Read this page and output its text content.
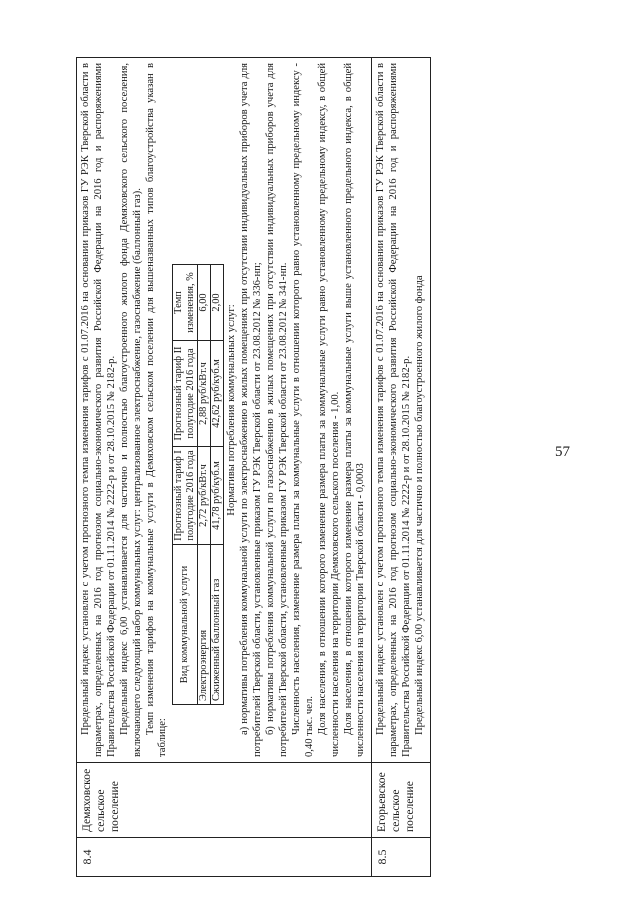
57
8.4	Демяховское сельское поселение	

Предельный индекс установлен с учетом прогнозного темпа изменения тарифов с 01.07.2016 на основании приказов ГУ РЭК Тверской области в параметрах, определенных на 2016 год прогнозом социально-экономического развития Российской Федерации на 2016 год и распоряжениями Правительства Российской Федерации от 01.11.2014 № 2222-р и от 28.10.2015 № 2182-р. Предельный индекс 6,00 устанавливается для частично и полностью благоустроенного жилого фонда Демяховского сельского поселения, включающего следующий набор коммунальных услуг: централизованное электроснабжение, газоснабжение (баллонный газ). Темп изменения тарифов на коммунальные услуги в Демяховском сельском поселении для вышеназванных типов благоустройства указан в таблице:

Вид коммунальной услуги	Прогнозный тариф I полугодие 2016 года	Прогнозный тариф II полугодие 2016 года	Темп изменения, %
Электроэнергия	2,72 руб/кВт.ч	2,88 руб/кВт.ч	6,00
Сжиженный баллонный газ	41,78 руб/куб.м	42,62 руб/куб.м	2,00

Нормативы потребления коммунальных услуг: а) нормативы потребления коммунальной услуги по электроснабжению в жилых помещениях при отсутствии индивидуальных приборов учета для потребителей Тверской области, установленные приказом ГУ РЭК Тверской области от 23.08.2012 № 336-нп; б) нормативы потребления коммунальной услуги по газоснабжению в жилых помещениях при отсутствии индивидуальных приборов учета для потребителей Тверской области, установленные приказом ГУ РЭК Тверской области от 23.08.2012 № 341-нп. Численность населения, изменение размера платы за коммунальные услуги в отношении которого равно установленному предельному индексу - 0,40 тыс. чел. Доля населения, в отношении которого изменение размера платы за коммунальные услуги равно установленному предельному индексу, в общей численности населения на территории Демяховского сельского поселения - 1,00. Доля населения, в отношении которого изменение размера платы за коммунальные услуги выше установленного предельного индекса, в общей численности населения на территории Тверской области - 0,0003

8.5	Егорьевское сельское поселение	

Предельный индекс установлен с учетом прогнозного темпа изменения тарифов с 01.07.2016 на основании приказов ГУ РЭК Тверской области в параметрах, определенных на 2016 год прогнозом социально-экономического развития Российской Федерации на 2016 год и распоряжениями Правительства Российской Федерации от 01.11.2014 № 2222-р и от 28.10.2015 № 2182-р. Предельный индекс 6,00 устанавливается для частично и полностью благоустроенного жилого фонда
